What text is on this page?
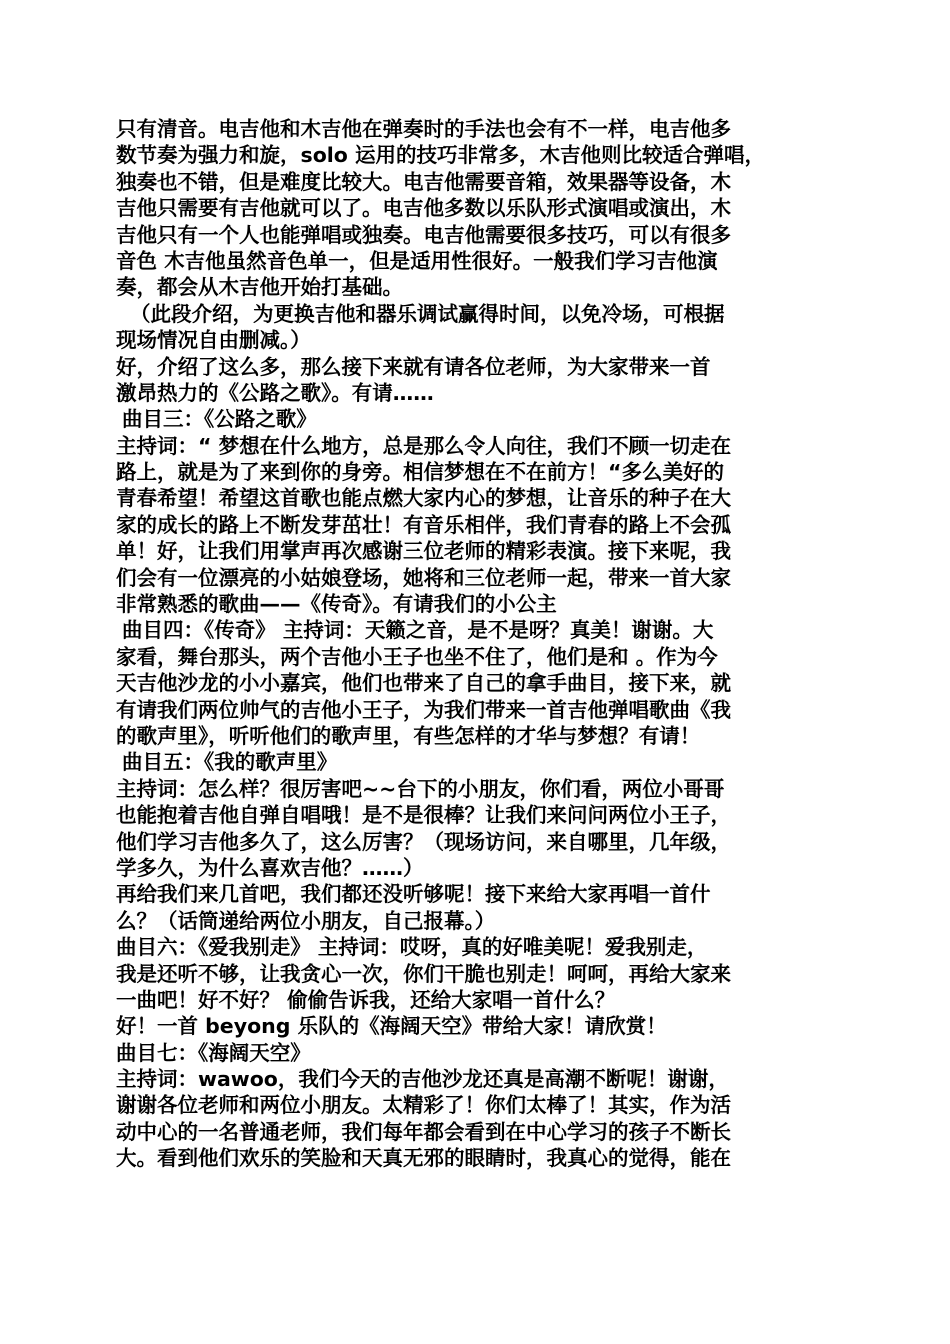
只有清音。电吉他和木吉他在弹奏时的手法也会有不一样，电吉他多
数节奏为强力和旋，solo 运用的技巧非常多，木吉他则比较适合弹唱，
独奏也不错，但是难度比较大。电吉他需要音箱，效果器等设备，木
吉他只需要有吉他就可以了。电吉他多数以乐队形式演唱或演出，木
吉他只有一个人也能弹唱或独奏。电吉他需要很多技巧，可以有很多
音色 木吉他虽然音色单一，但是适用性很好。一般我们学习吉他演
奏，都会从木吉他开始打基础。
（此段介绍，为更换吉他和器乐调试赢得时间，以免冷场，可根据
现场情况自由删减。）
好，介绍了这么多，那么接下来就有请各位老师，为大家带来一首
激昂热力的《公路之歌》。有请……
曲目三：《公路之歌》
主持词：“ 梦想在什么地方，总是那么令人向往，我们不顾一切走在
路上，就是为了来到你的身旁。相信梦想在不在前方！“多么美好的
青春希望！希望这首歌也能点燃大家内心的梦想，让音乐的种子在大
家的成长的路上不断发芽茁壮！有音乐相伴，我们青春的路上不会孤
单！好，让我们用掌声再次感谢三位老师的精彩表演。接下来呢，我
们会有一位漂亮的小姑娘登场，她将和三位老师一起，带来一首大家
非常熟悉的歌曲——《传奇》。有请我们的小公主
曲目四：《传奇》 主持词：天籁之音，是不是呀？真美！谢谢。大
家看，舞台那头，两个吉他小王子也坐不住了，他们是和 。作为今
天吉他沙龙的小小嘉宾，他们也带来了自己的拿手曲目，接下来，就
有请我们两位帅气的吉他小王子，为我们带来一首吉他弹唱歌曲《我
的歌声里》，听听他们的歌声里，有些怎样的才华与梦想？有请！
曲目五：《我的歌声里》
主持词：怎么样？很厉害吧~~台下的小朋友，你们看，两位小哥哥
也能抱着吉他自弹自唱哦！是不是很棒？让我们来问问两位小王子，
他们学习吉他多久了，这么厉害？（现场访问，来自哪里，几年级，
学多久，为什么喜欢吉他？……）
再给我们来几首吧，我们都还没听够呢！接下来给大家再唱一首什
么？（话筒递给两位小朋友，自己报幕。）
曲目六：《爱我别走》 主持词：哎呀，真的好唯美呢！爱我别走，
我是还听不够，让我贪心一次，你们干脆也别走！呵呵，再给大家来
一曲吧！好不好？ 偷偷告诉我，还给大家唱一首什么？
好！一首 beyong 乐队的《海阔天空》带给大家！请欣赏！
曲目七：《海阔天空》
主持词：wawoo，我们今天的吉他沙龙还真是高潮不断呢！谢谢，
谢谢各位老师和两位小朋友。太精彩了！你们太棒了！其实，作为活
动中心的一名普通老师，我们每年都会看到在中心学习的孩子不断长
大。看到他们欢乐的笑脸和天真无邪的眼睛时，我真心的觉得，能在
